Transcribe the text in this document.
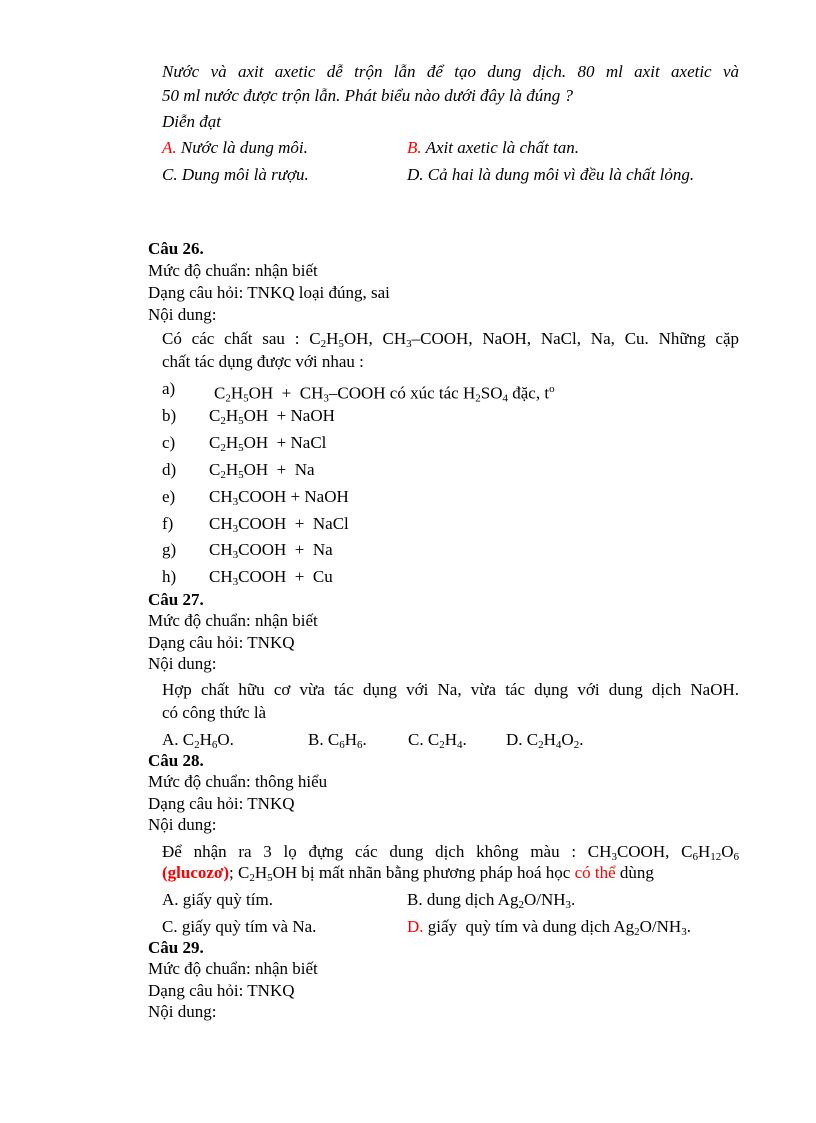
Nước và axit axetic dễ trộn lẫn để tạo dung dịch. 80 ml axit axetic và
50 ml nước được trộn lẫn. Phát biểu nào dưới đây là đúng ?
Diễn đạt
A. Nước là dung môi.	B. Axit axetic là chất tan.
C. Dung môi là rượu.	D. Cả hai là dung môi vì đều là chất lỏng.
Câu 26.
Mức độ chuẩn: nhận biết
Dạng câu hỏi: TNKQ loại đúng, sai
Nội dung:
Có các chất sau : $C_2H_5OH$, $CH_3$–COOH, NaOH, NaCl, Na, Cu. Những cặp
chất tác dụng được với nhau :
a) $C_2H_5OH$  +  $CH_3$–COOH có xúc tác $H_2SO_4$ đặc, $t^o$
b) $C_2H_5OH$  + NaOH
c) $C_2H_5OH$  + NaCl
d) $C_2H_5OH + Na$
e) $CH_3COOH$ + NaOH
f) $CH_3COOH$  +  NaCl
g) $CH_3COOH + Na$
h) $CH_3COOH + Cu$
Câu 27.
Mức độ chuẩn: nhận biết
Dạng câu hỏi: TNKQ
Nội dung:
Hợp chất hữu cơ vừa tác dụng với Na, vừa tác dụng với dung dịch NaOH.
có công thức là
A. $C_2H_6O$.	B. $C_6H_6$. C. $C_2H_4$. D. $C_2H_4O_2$.
Câu 28.
Mức độ chuẩn: thông hiểu
Dạng câu hỏi: TNKQ
Nội dung:
Để nhận ra 3 lọ đựng các dung dịch không màu : $CH_3COOH$, $C_6H_{12}O_6$
(glucozơ); $C_2H_5OH$ bị mất nhãn bằng phương pháp hoá học có thể dùng
A. giấy quỳ tím.	B. dung dịch $Ag_2O/NH_3$.
C. giấy quỳ tím và Na.	D. giấy  quỳ tím và dung dịch $Ag_2O/NH_3$.
Câu 29.
Mức độ chuẩn: nhận biết
Dạng câu hỏi: TNKQ
Nội dung:
